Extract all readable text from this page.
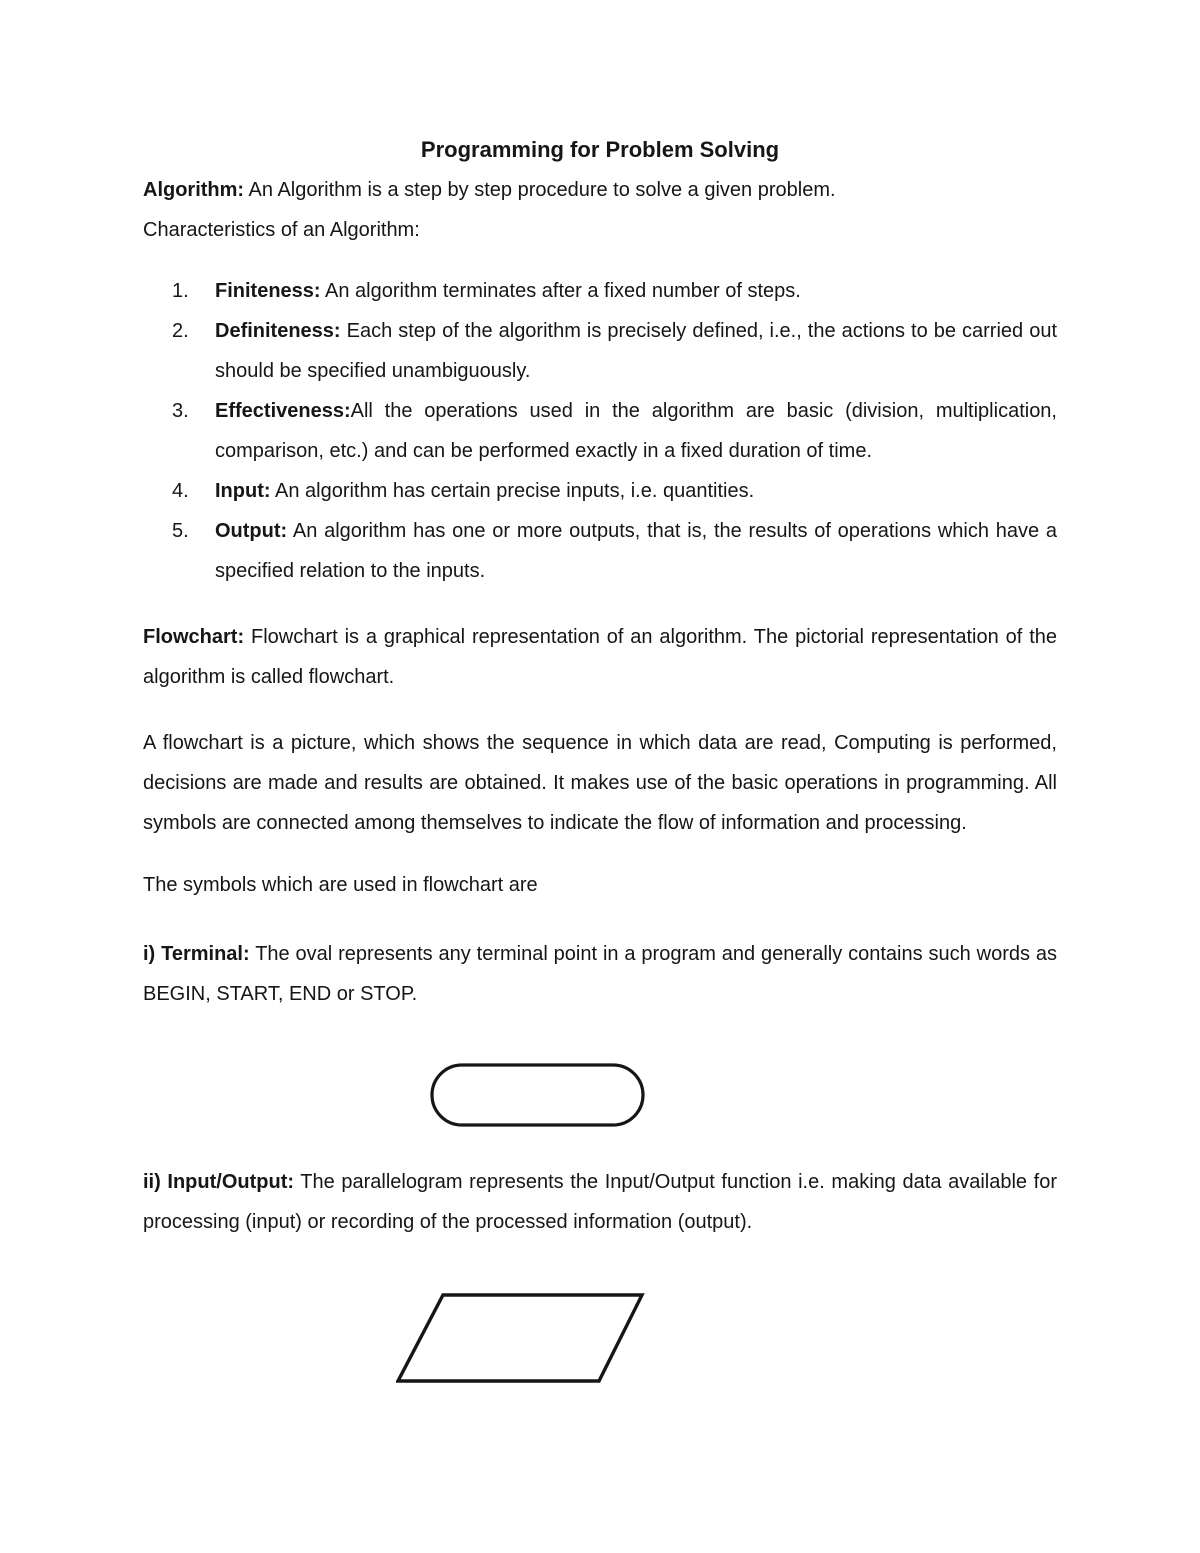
Programming for Problem Solving

Algorithm: An Algorithm is a step by step procedure to solve a given problem.

Characteristics of an Algorithm:

1. Finiteness: An algorithm terminates after a fixed number of steps.
2. Definiteness: Each step of the algorithm is precisely defined, i.e., the actions to be carried out should be specified unambiguously.
3. Effectiveness:All the operations used in the algorithm are basic (division, multiplication, comparison, etc.) and can be performed exactly in a fixed duration of time.
4. Input: An algorithm has certain precise inputs, i.e. quantities.
5. Output: An algorithm has one or more outputs, that is, the results of operations which have a specified relation to the inputs.

Flowchart: Flowchart is a graphical representation of an algorithm. The pictorial representation of the algorithm is called flowchart.

A flowchart is a picture, which shows the sequence in which data are read, Computing is performed, decisions are made and results are obtained. It makes use of the basic operations in programming. All symbols are connected among themselves to indicate the flow of information and processing.

The symbols which are used in flowchart are

i) Terminal: The oval represents any terminal point in a program and generally contains such words as BEGIN, START, END or STOP.

ii) Input/Output: The parallelogram represents the Input/Output function i.e. making data available for processing (input) or recording of the processed information (output).
